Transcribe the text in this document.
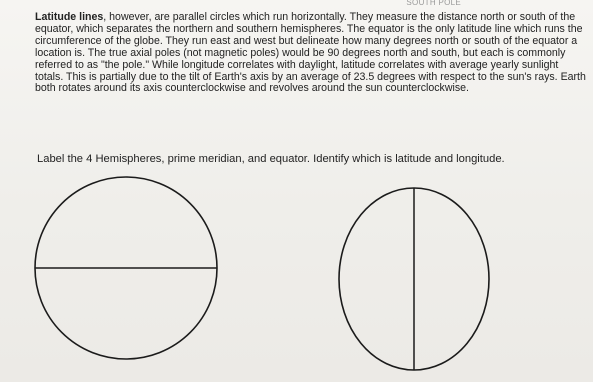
SOUTH POLE
Latitude lines, however, are parallel circles which run horizontally. They measure the distance north or south of the equator, which separates the northern and southern hemispheres. The equator is the only latitude line which runs the circumference of the globe. They run east and west but delineate how many degrees north or south of the equator a location is. The true axial poles (not magnetic poles) would be 90 degrees north and south, but each is commonly referred to as "the pole." While longitude correlates with daylight, latitude correlates with average yearly sunlight totals. This is partially due to the tilt of Earth's axis by an average of 23.5 degrees with respect to the sun's rays. Earth both rotates around its axis counterclockwise and revolves around the sun counterclockwise.
Label the 4 Hemispheres, prime meridian, and equator. Identify which is latitude and longitude.
